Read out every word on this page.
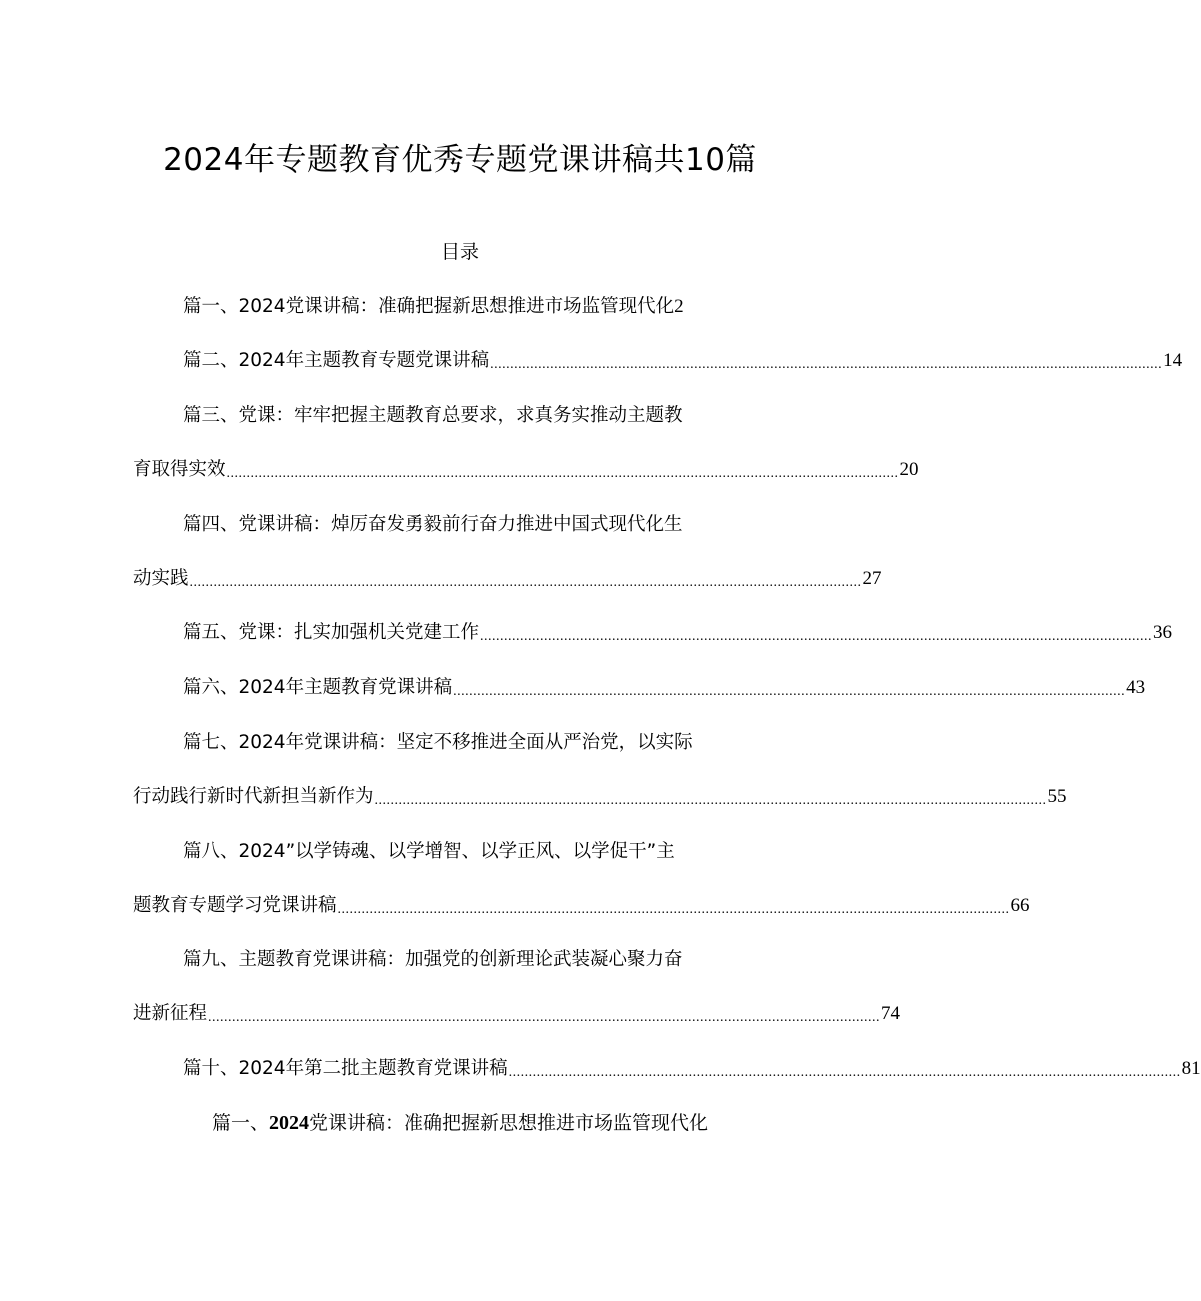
2024年专题教育优秀专题党课讲稿共10篇
目录
篇一、2024党课讲稿：准确把握新思想推进市场监管现代化 2
篇二、2024年主题教育专题党课讲稿 ........................................................................................................................................................................ 14
篇三、党课：牢牢把握主题教育总要求，求真务实推动主题教
育取得实效 ........................................................................................................................................................................ 20
篇四、党课讲稿：焯厉奋发勇毅前行奋力推进中国式现代化生
动实践 ........................................................................................................................................................................ 27
篇五、党课：扎实加强机关党建工作 ........................................................................................................................................................................ 36
篇六、2024年主题教育党课讲稿 ........................................................................................................................................................................ 43
篇七、2024年党课讲稿：坚定不移推进全面从严治党，以实际
行动践行新时代新担当新作为 ........................................................................................................................................................................ 55
篇八、2024”以学铸魂、以学增智、以学正风、以学促干”主
题教育专题学习党课讲稿 ........................................................................................................................................................................ 66
篇九、主题教育党课讲稿：加强党的创新理论武装凝心聚力奋
进新征程 ........................................................................................................................................................................ 74
篇十、2024年第二批主题教育党课讲稿 ........................................................................................................................................................................ 81
篇一、2024党课讲稿：准确把握新思想推进市场监管现代化
